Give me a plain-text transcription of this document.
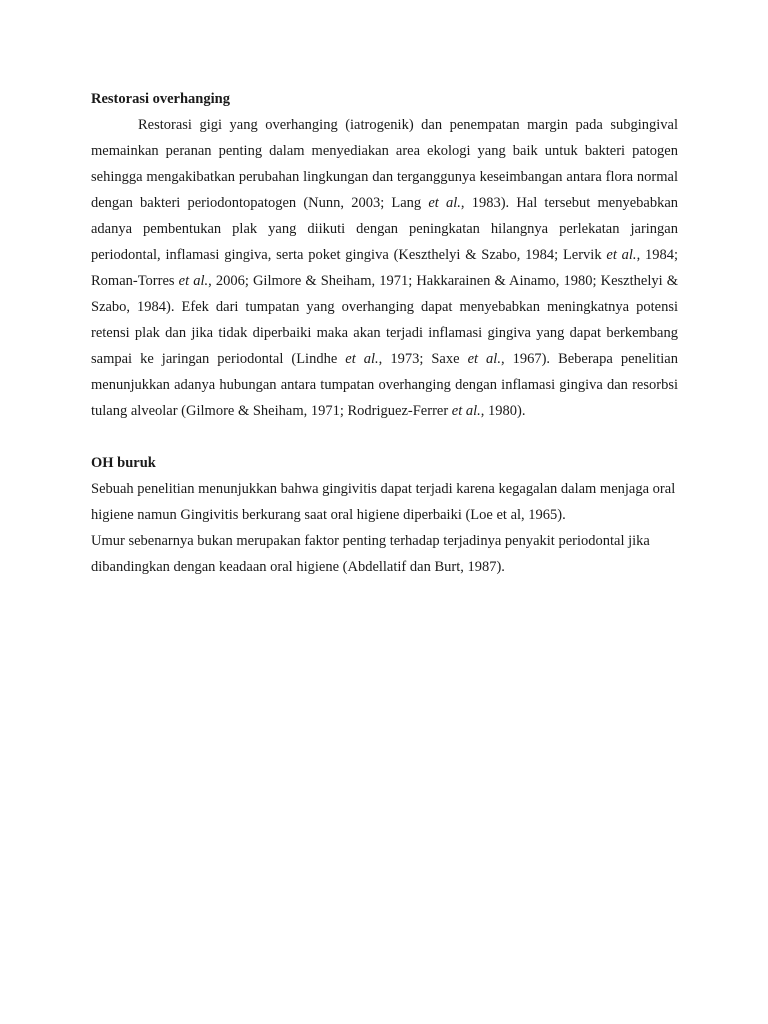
Restorasi overhanging

Restorasi gigi yang overhanging (iatrogenik) dan penempatan margin pada subgingival memainkan peranan penting dalam menyediakan area ekologi yang baik untuk bakteri patogen sehingga mengakibatkan perubahan lingkungan dan terganggunya keseimbangan antara flora normal dengan bakteri periodontopatogen (Nunn, 2003; Lang et al., 1983). Hal tersebut menyebabkan adanya pembentukan plak yang diikuti dengan peningkatan hilangnya perlekatan jaringan periodontal, inflamasi gingiva, serta poket gingiva (Keszthelyi & Szabo, 1984; Lervik et al., 1984; Roman-Torres et al., 2006; Gilmore & Sheiham, 1971; Hakkarainen & Ainamo, 1980; Keszthelyi & Szabo, 1984). Efek dari tumpatan yang overhanging dapat menyebabkan meningkatnya potensi retensi plak dan jika tidak diperbaiki maka akan terjadi inflamasi gingiva yang dapat berkembang sampai ke jaringan periodontal (Lindhe et al., 1973; Saxe et al., 1967). Beberapa penelitian menunjukkan adanya hubungan antara tumpatan overhanging dengan inflamasi gingiva dan resorbsi tulang alveolar (Gilmore & Sheiham, 1971; Rodriguez-Ferrer et al., 1980).

OH buruk

Sebuah penelitian menunjukkan bahwa gingivitis dapat terjadi karena kegagalan dalam menjaga oral higiene namun Gingivitis berkurang saat oral higiene diperbaiki (Loe et al, 1965).

Umur sebenarnya bukan merupakan faktor penting terhadap terjadinya penyakit periodontal jika dibandingkan dengan keadaan oral higiene (Abdellatif dan Burt, 1987).
